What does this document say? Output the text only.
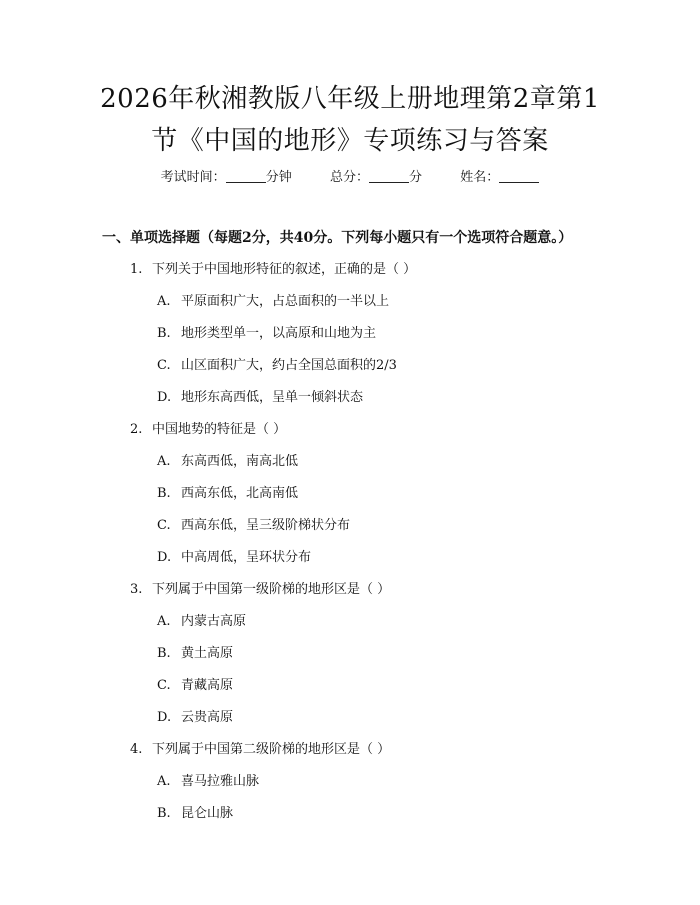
2026年秋湘教版八年级上册地理第2章第1
节《中国的地形》专项练习与答案
考试时间：	分钟	总分：	分	姓名：
一、单项选择题（每题2分，共40分。下列每小题只有一个选项符合题意。）
1. 下列关于中国地形特征的叙述，正确的是（ ）
A. 平原面积广大，占总面积的一半以上
B. 地形类型单一，以高原和山地为主
C. 山区面积广大，约占全国总面积的2/3
D. 地形东高西低，呈单一倾斜状态
2. 中国地势的特征是（ ）
A. 东高西低，南高北低
B. 西高东低，北高南低
C. 西高东低，呈三级阶梯状分布
D. 中高周低，呈环状分布
3. 下列属于中国第一级阶梯的地形区是（ ）
A. 内蒙古高原
B. 黄土高原
C. 青藏高原
D. 云贵高原
4. 下列属于中国第二级阶梯的地形区是（ ）
A. 喜马拉雅山脉
B. 昆仑山脉
